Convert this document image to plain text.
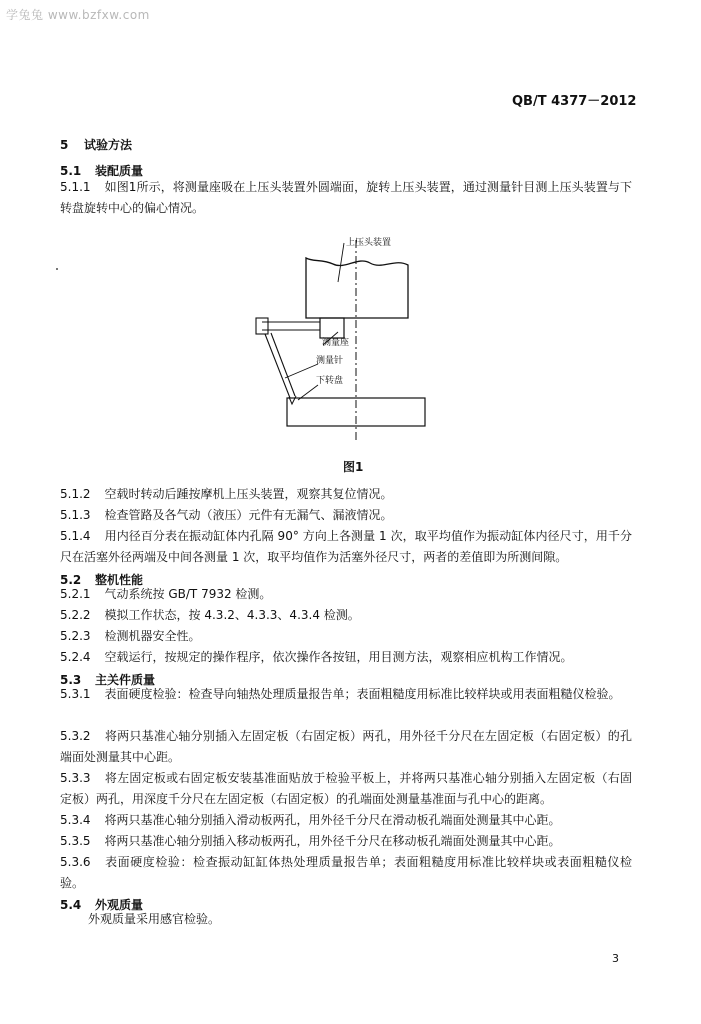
学兔兔 www.bzfxw.com
QB/T 4377－2012
5 试验方法
5.1 装配质量
5.1.1 如图1所示，将测量座吸在上压头装置外圆端面，旋转上压头装置，通过测量针目测上压头装置与下转盘旋转中心的偏心情况。
上压头装置
测量座
测量针
下转盘
图1
5.1.2 空载时转动后踵按摩机上压头装置，观察其复位情况。
5.1.3 检查管路及各气动（液压）元件有无漏气、漏液情况。
5.1.4 用内径百分表在振动缸体内孔隔 90° 方向上各测量 1 次，取平均值作为振动缸体内径尺寸，用千分尺在活塞外径两端及中间各测量 1 次，取平均值作为活塞外径尺寸，两者的差值即为所测间隙。
5.2 整机性能
5.2.1 气动系统按 GB/T 7932 检测。
5.2.2 模拟工作状态，按 4.3.2、4.3.3、4.3.4 检测。
5.2.3 检测机器安全性。
5.2.4 空载运行，按规定的操作程序，依次操作各按钮，用目测方法，观察相应机构工作情况。
5.3 主关件质量
5.3.1 表面硬度检验：检查导向轴热处理质量报告单；表面粗糙度用标准比较样块或用表面粗糙仪检验。
5.3.2 将两只基准心轴分别插入左固定板（右固定板）两孔，用外径千分尺在左固定板（右固定板）的孔端面处测量其中心距。
5.3.3 将左固定板或右固定板安装基准面贴放于检验平板上，并将两只基准心轴分别插入左固定板（右固定板）两孔，用深度千分尺在左固定板（右固定板）的孔端面处测量基准面与孔中心的距离。
5.3.4 将两只基准心轴分别插入滑动板两孔，用外径千分尺在滑动板孔端面处测量其中心距。
5.3.5 将两只基准心轴分别插入移动板两孔，用外径千分尺在移动板孔端面处测量其中心距。
5.3.6 表面硬度检验：检查振动缸缸体热处理质量报告单；表面粗糙度用标准比较样块或表面粗糙仪检验。
5.4 外观质量
外观质量采用感官检验。
3
